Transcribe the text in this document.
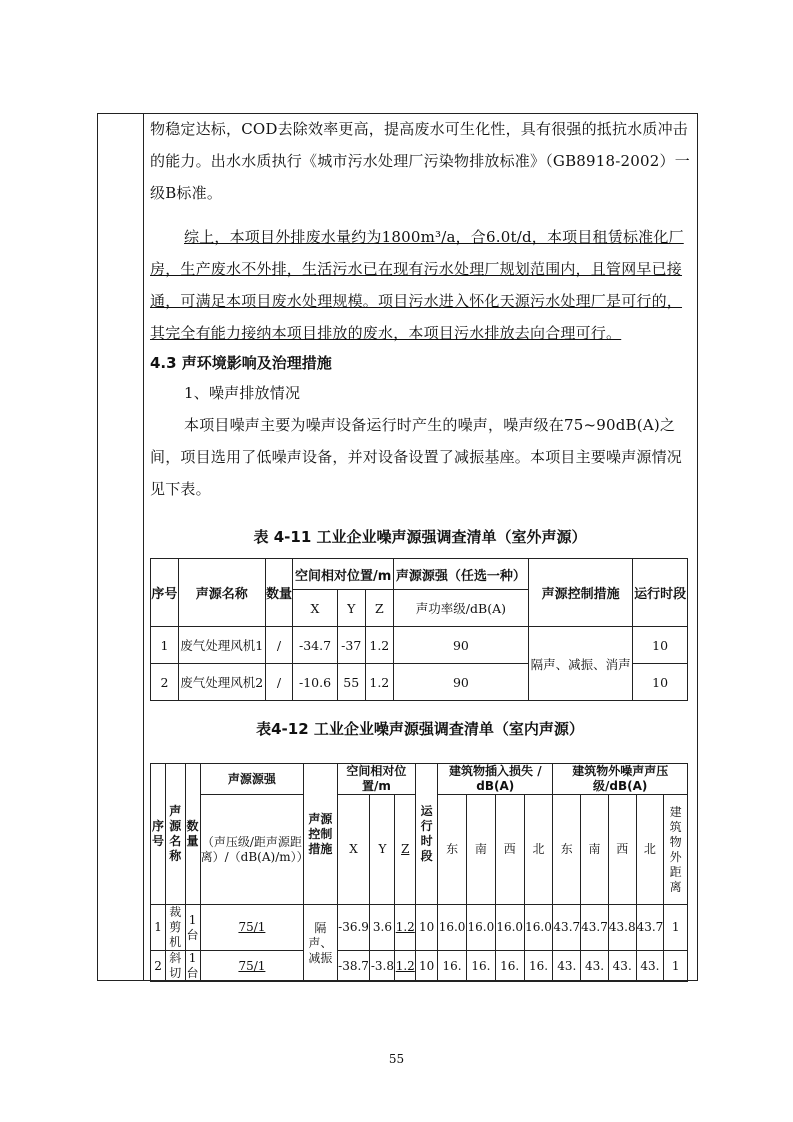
物稳定达标，COD去除效率更高，提高废水可生化性，具有很强的抵抗水质冲击的能力。出水水质执行《城市污水处理厂污染物排放标准》（GB8918-2002）一级B标准。

综上，本项目外排废水量约为1800m³/a，合6.0t/d，本项目租赁标准化厂房，生产废水不外排，生活污水已在现有污水处理厂规划范围内，且管网早已接通，可满足本项目废水处理规模。项目污水进入怀化天源污水处理厂是可行的，其完全有能力接纳本项目排放的废水，本项目污水排放去向合理可行。

4.3 声环境影响及治理措施

1、噪声排放情况

本项目噪声主要为噪声设备运行时产生的噪声，噪声级在75~90dB(A)之间，项目选用了低噪声设备，并对设备设置了减振基座。本项目主要噪声源情况见下表。

表 4-11 工业企业噪声源强调查清单（室外声源）
序号	声源名称	数量	空间相对位置/m			声源源强（任选一种）	声源控制措施	运行时段
			X	Y	Z	声功率级/dB(A)		
1	废气处理风机1	/	-34.7	-37	1.2	90	隔声、减振、消声	10
2	废气处理风机2	/	-10.6	55	1.2	90		10
表4-12 工业企业噪声源强调查清单（室内声源）
序号	声源名称	数量	声源源强	声源控制措施	空间相对位置/m			运行时段	建筑物插入损失 / dB(A)				建筑物外噪声声压级/dB(A)				
			（声压级/距声源距离）/（dB(A)/m））		X	Y	Z		东	南	西	北	东	南	西	北	建筑物外距离
1	裁剪机	1台	75/1	隔声、减振	-36.9	3.6	1.2	10	16.0	16.0	16.0	16.0	43.7	43.7	43.8	43.7	1
2	斜切	1台	75/1		-38.7	-3.8	1.2	10	16.	16.	16.	16.	43.	43.	43.	43.	1
55
